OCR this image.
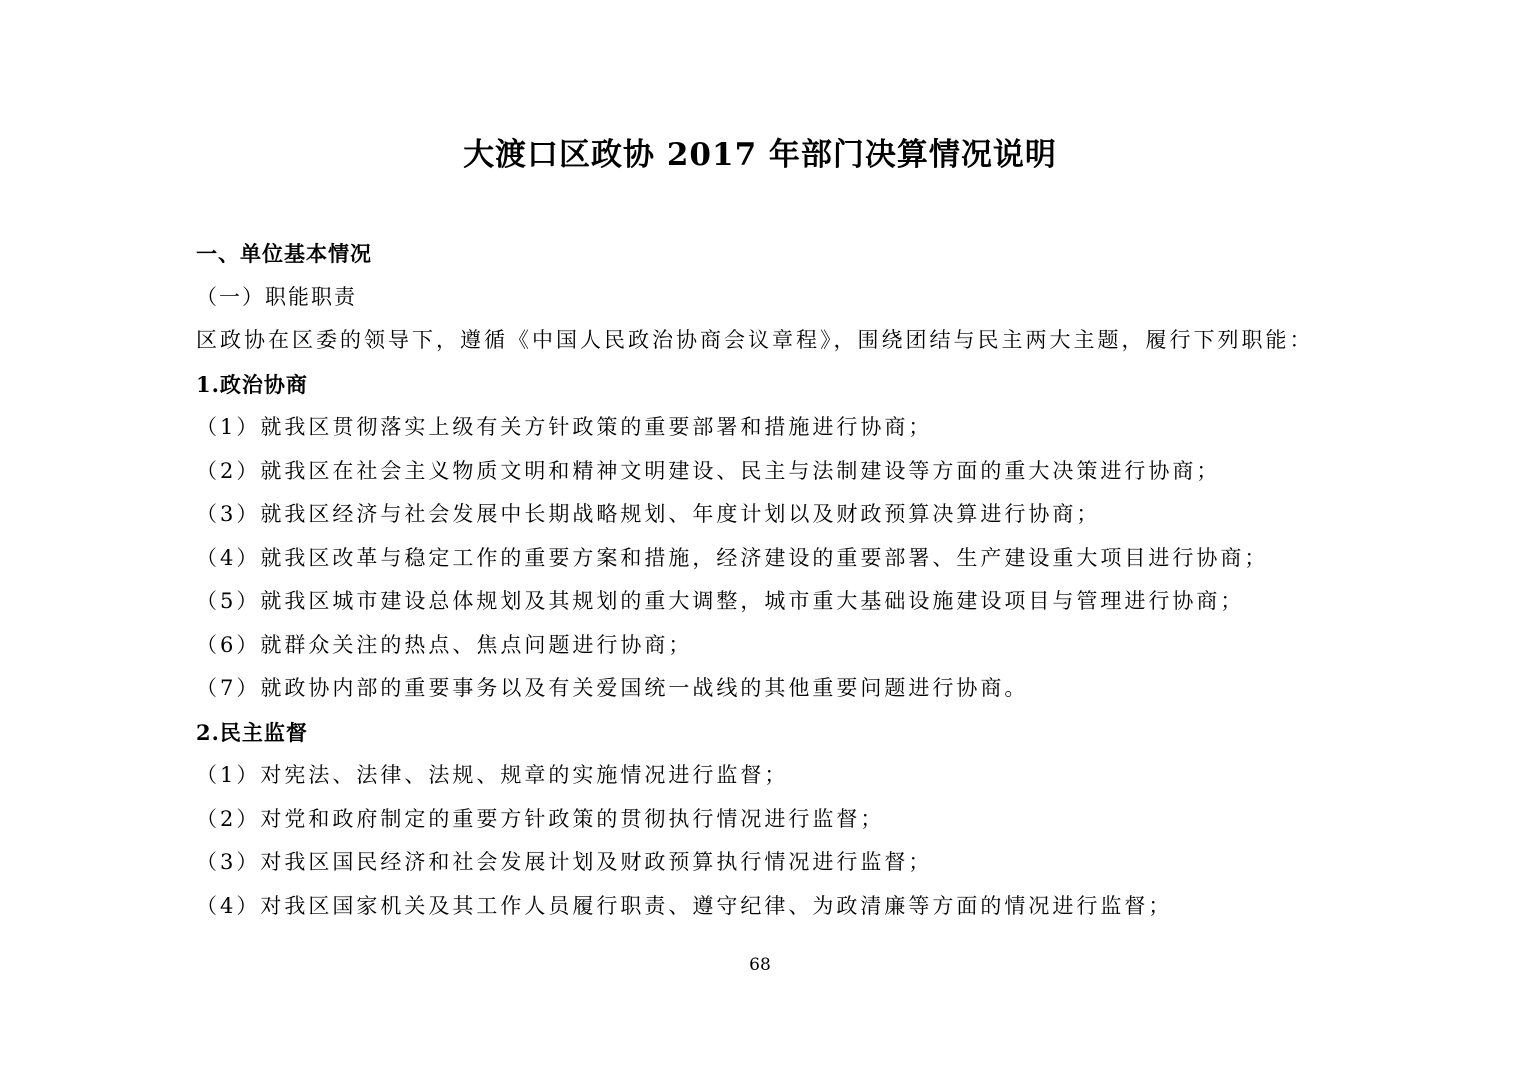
大渡口区政协 2017 年部门决算情况说明
一、单位基本情况
（一）职能职责
区政协在区委的领导下，遵循《中国人民政治协商会议章程》，围绕团结与民主两大主题，履行下列职能：
1.政治协商
（1）就我区贯彻落实上级有关方针政策的重要部署和措施进行协商；
（2）就我区在社会主义物质文明和精神文明建设、民主与法制建设等方面的重大决策进行协商；
（3）就我区经济与社会发展中长期战略规划、年度计划以及财政预算决算进行协商；
（4）就我区改革与稳定工作的重要方案和措施，经济建设的重要部署、生产建设重大项目进行协商；
（5）就我区城市建设总体规划及其规划的重大调整，城市重大基础设施建设项目与管理进行协商；
（6）就群众关注的热点、焦点问题进行协商；
（7）就政协内部的重要事务以及有关爱国统一战线的其他重要问题进行协商。
2.民主监督
（1）对宪法、法律、法规、规章的实施情况进行监督；
（2）对党和政府制定的重要方针政策的贯彻执行情况进行监督；
（3）对我区国民经济和社会发展计划及财政预算执行情况进行监督；
（4）对我区国家机关及其工作人员履行职责、遵守纪律、为政清廉等方面的情况进行监督；
68
